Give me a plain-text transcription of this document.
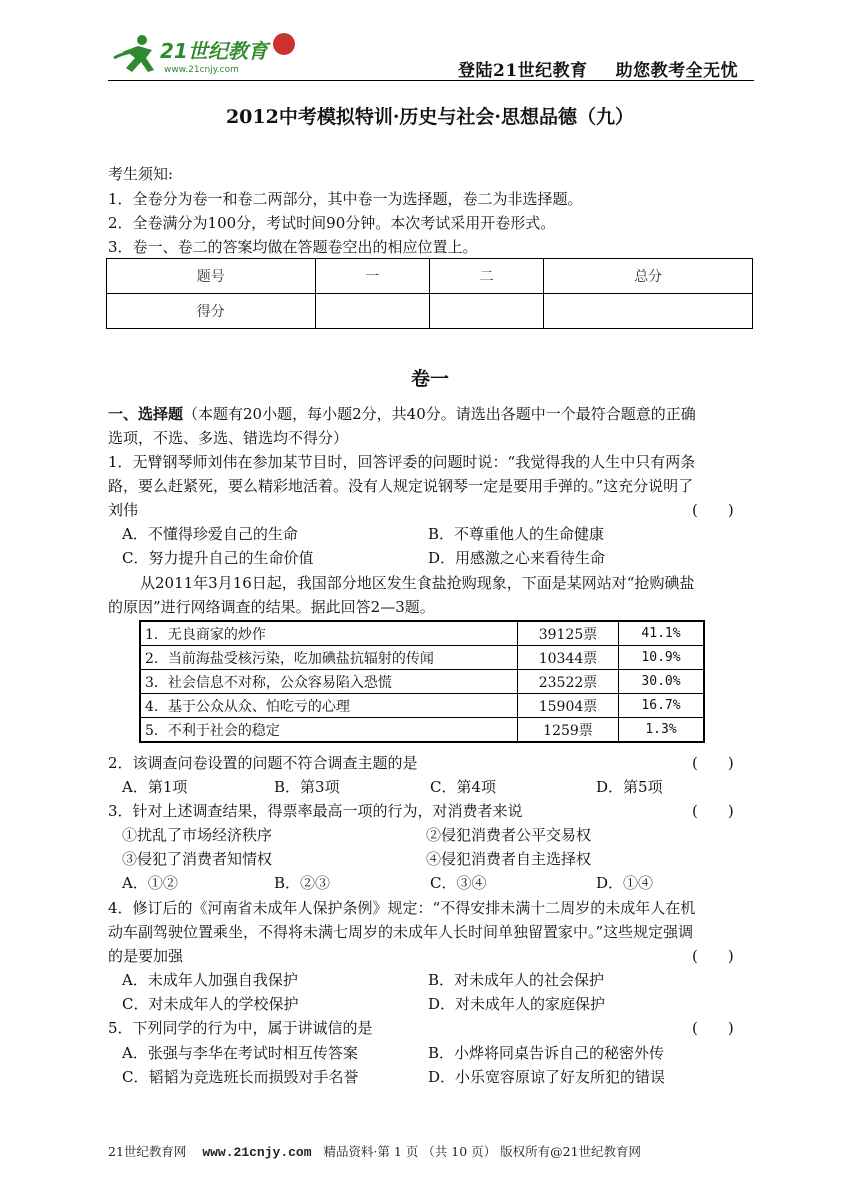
21世纪教育
www.21cnjy.com	登陆21世纪教育 助您教考全无忧
2012中考模拟特训·历史与社会·思想品德（九）
考生须知:
1．全卷分为卷一和卷二两部分，其中卷一为选择题，卷二为非选择题。
2．全卷满分为100分，考试时间90分钟。本次考试采用开卷形式。
3．卷一、卷二的答案均做在答题卷空出的相应位置上。
题号	一	二	总分
得分			
卷一
一、选择题（本题有20小题，每小题2分，共40分。请选出各题中一个最符合题意的正确
选项，不选、多选、错选均不得分）
1．无臂钢琴师刘伟在参加某节目时，回答评委的问题时说：“我觉得我的人生中只有两条
路，要么赶紧死，要么精彩地活着。没有人规定说钢琴一定是要用手弹的。”这充分说明了
刘伟	(　　)
A．不懂得珍爱自己的生命	B．不尊重他人的生命健康
C．努力提升自己的生命价值	D．用感激之心来看待生命
从2011年3月16日起，我国部分地区发生食盐抢购现象，下面是某网站对“抢购碘盐
的原因”进行网络调查的结果。据此回答2—3题。
1．无良商家的炒作	39125票	41.1%
2．当前海盐受核污染，吃加碘盐抗辐射的传闻	10344票	10.9%
3．社会信息不对称，公众容易陷入恐慌	23522票	30.0%
4．基于公众从众、怕吃亏的心理	15904票	16.7%
5．不利于社会的稳定	1259票	1.3%
2．该调查问卷设置的问题不符合调查主题的是	(　　)
A．第1项	B．第3项	C．第4项	D．第5项
3．针对上述调查结果，得票率最高一项的行为，对消费者来说	(　　)
①扰乱了市场经济秩序	②侵犯消费者公平交易权
③侵犯了消费者知情权	④侵犯消费者自主选择权
A．①②	B．②③	C．③④	D．①④
4．修订后的《河南省未成年人保护条例》规定：“不得安排未满十二周岁的未成年人在机
动车副驾驶位置乘坐，不得将未满七周岁的未成年人长时间单独留置家中。”这些规定强调
的是要加强	(　　)
A．未成年人加强自我保护	B．对未成年人的社会保护
C．对未成年人的学校保护	D．对未成年人的家庭保护
5．下列同学的行为中，属于讲诚信的是	(　　)
A．张强与李华在考试时相互传答案	B．小烨将同桌告诉自己的秘密外传
C．韬韬为竞选班长而损毁对手名誉	D．小乐宽容原谅了好友所犯的错误
21世纪教育网 www.21cnjy.com 精品资料·第 1 页 （共 10 页） 版权所有@21世纪教育网
